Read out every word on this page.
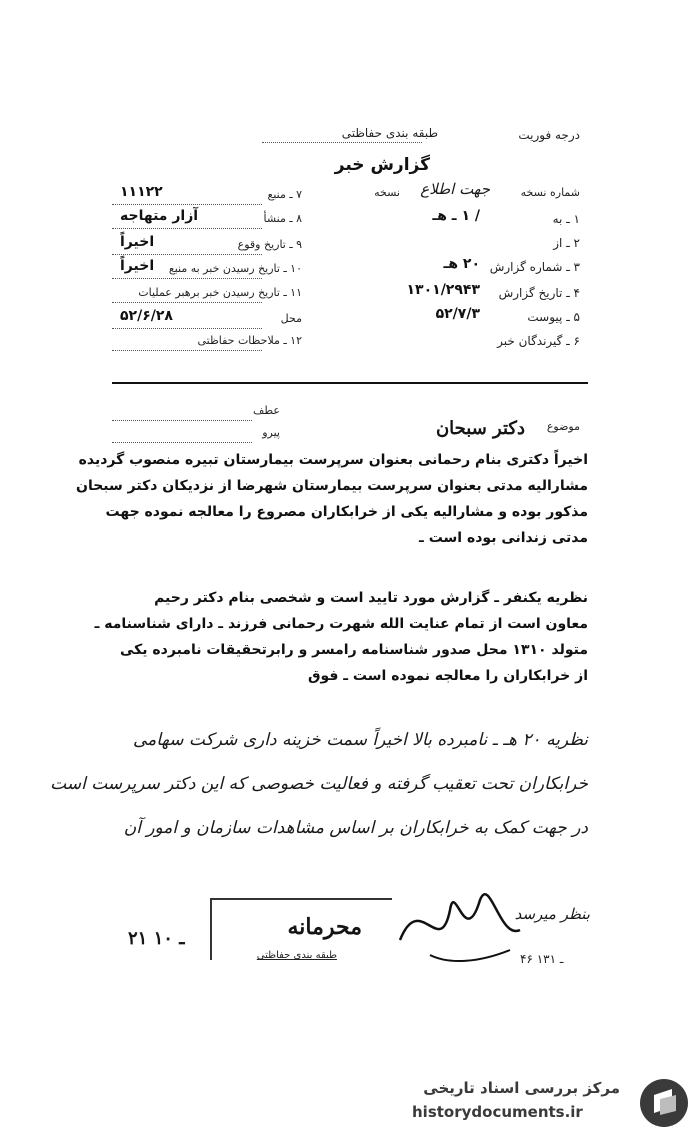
درجه فوریت
طبقه بندی حفاظتی
گزارش خبر
شماره نسخه
جهت اطلاع
نسخه
۱ ـ به
/ ۱ ـ هـ
۲ ـ از
۳ ـ شماره گزارش
۲۰ هـ
۴ ـ تاریخ گزارش
۱۳۰۱/۲۹۴۳
۵ ـ پیوست
۵۲/۷/۳
۶ ـ گیرندگان خبر
۷ ـ منبع
۱۱۱۲۲
۸ ـ منشأ
آزار متهاجه
۹ ـ تاریخ وقوع
اخیراً
۱۰ ـ تاریخ رسیدن خبر به منبع
اخیراً
۱۱ ـ تاریخ رسیدن خبر برهبر عملیات
محل
۵۲/۶/۲۸
۱۲ ـ ملاحظات حفاظتی
عطف
موضوع
دکتر سبحان
پیرو
اخیراً دکتری بنام رحمانی بعنوان سرپرست بیمارستان تبیره منصوب گردیده
مشارالیه مدتی بعنوان سرپرست بیمارستان شهرضا از نزدیکان دکتر سبحان
مذکور بوده و مشارالیه یکی از خرابکاران مصروع را معالجه نموده جهت
مدتی زندانی بوده است ـ
نظریه یکنفر ـ گزارش مورد تایید است و شخصی بنام دکتر رحیم
معاون است از تمام عنایت الله شهرت رحمانی فرزند ـ دارای شناسنامه ـ
متولد ۱۳۱۰ محل صدور شناسنامه رامسر و رابرتحقیقات نامبرده یکی
از خرابکاران را معالجه نموده است ـ فوق
نظریه ۲۰ هـ ـ نامبرده بالا اخیراً سمت خزینه داری شرکت سهامی
خرابکاران تحت تعقیب گرفته و فعالیت خصوصی که این دکتر سرپرست است
در جهت کمک به خرابکاران بر اساس مشاهدات سازمان و امور آن
بنظر میرسد
محرمانه
طبقه بندی حفاظتی
۲۱ ـ ۱۰
۴۶ ـ ۱۳۱
مرکز بررسی اسناد تاریخی
historydocuments.ir
